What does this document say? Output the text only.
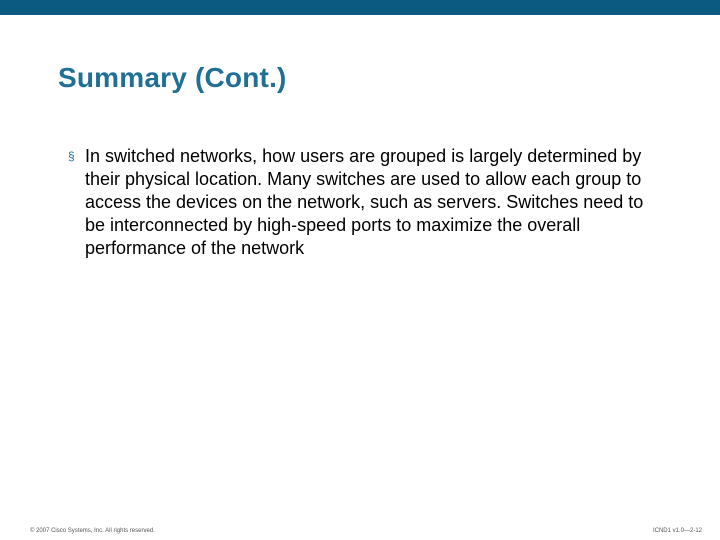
Summary (Cont.)
§ In switched networks, how users are grouped is largely determined by their physical location. Many switches are used to allow each group to access the devices on the network, such as servers. Switches need to be interconnected by high-speed ports to maximize the overall performance of the network
© 2007 Cisco Systems, Inc. All rights reserved.	ICND1 v1.0—2-12
